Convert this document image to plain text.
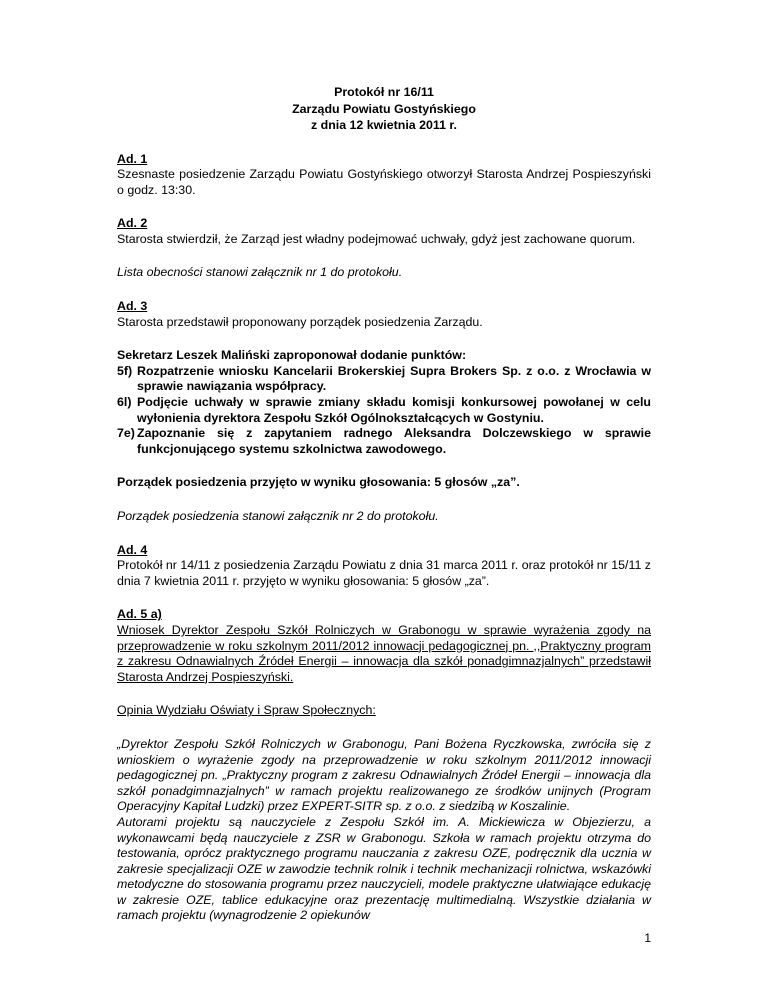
Protokół nr 16/11
Zarządu Powiatu Gostyńskiego
z dnia 12 kwietnia 2011 r.
Ad. 1

Szesnaste posiedzenie Zarządu Powiatu Gostyńskiego otworzył Starosta Andrzej Pospieszyński o godz. 13:30.

Ad. 2

Starosta stwierdził, że Zarząd jest władny podejmować uchwały, gdyż jest zachowane quorum.

Lista obecności stanowi załącznik nr 1 do protokołu.

Ad. 3

Starosta przedstawił proponowany porządek posiedzenia Zarządu.

Sekretarz Leszek Maliński zaproponował dodanie punktów:

5f) Rozpatrzenie wniosku Kancelarii Brokerskiej Supra Brokers Sp. z o.o. z Wrocławia w sprawie nawiązania współpracy.
6l) Podjęcie uchwały w sprawie zmiany składu komisji konkursowej powołanej w celu wyłonienia dyrektora Zespołu Szkół Ogólnokształcących w Gostyniu.
7e) Zapoznanie się z zapytaniem radnego Aleksandra Dolczewskiego w sprawie funkcjonującego systemu szkolnictwa zawodowego.

Porządek posiedzenia przyjęto w wyniku głosowania: 5 głosów „za”.

Porządek posiedzenia stanowi załącznik nr 2 do protokołu.

Ad. 4

Protokół nr 14/11 z posiedzenia Zarządu Powiatu z dnia 31 marca 2011 r. oraz protokół nr 15/11 z dnia 7 kwietnia 2011 r. przyjęto w wyniku głosowania: 5 głosów „za”.

Ad. 5 a)

Wniosek Dyrektor Zespołu Szkół Rolniczych w Grabonogu w sprawie wyrażenia zgody na przeprowadzenie w roku szkolnym 2011/2012 innowacji pedagogicznej pn. ,,Praktyczny program z zakresu Odnawialnych Źródeł Energii – innowacja dla szkół ponadgimnazjalnych” przedstawił Starosta Andrzej Pospieszyński.

Opinia Wydziału Oświaty i Spraw Społecznych:

„Dyrektor Zespołu Szkół Rolniczych w Grabonogu, Pani Bożena Ryczkowska, zwróciła się z wnioskiem o wyrażenie zgody na przeprowadzenie w roku szkolnym 2011/2012 innowacji pedagogicznej pn. „Praktyczny program z zakresu Odnawialnych Źródeł Energii – innowacja dla szkół ponadgimnazjalnych” w ramach projektu realizowanego ze środków unijnych (Program Operacyjny Kapitał Ludzki) przez EXPERT-SITR sp. z o.o. z siedzibą w Koszalinie.

Autorami projektu są nauczyciele z Zespołu Szkół im. A. Mickiewicza w Objezierzu, a wykonawcami będą nauczyciele z ZSR w Grabonogu. Szkoła w ramach projektu otrzyma do testowania, oprócz praktycznego programu nauczania z zakresu OZE, podręcznik dla ucznia w zakresie specjalizacji OZE w zawodzie technik rolnik i technik mechanizacji rolnictwa, wskazówki metodyczne do stosowania programu przez nauczycieli, modele praktyczne ułatwiające edukację w zakresie OZE, tablice edukacyjne oraz prezentację multimedialną. Wszystkie działania w ramach projektu (wynagrodzenie 2 opiekunów

1
